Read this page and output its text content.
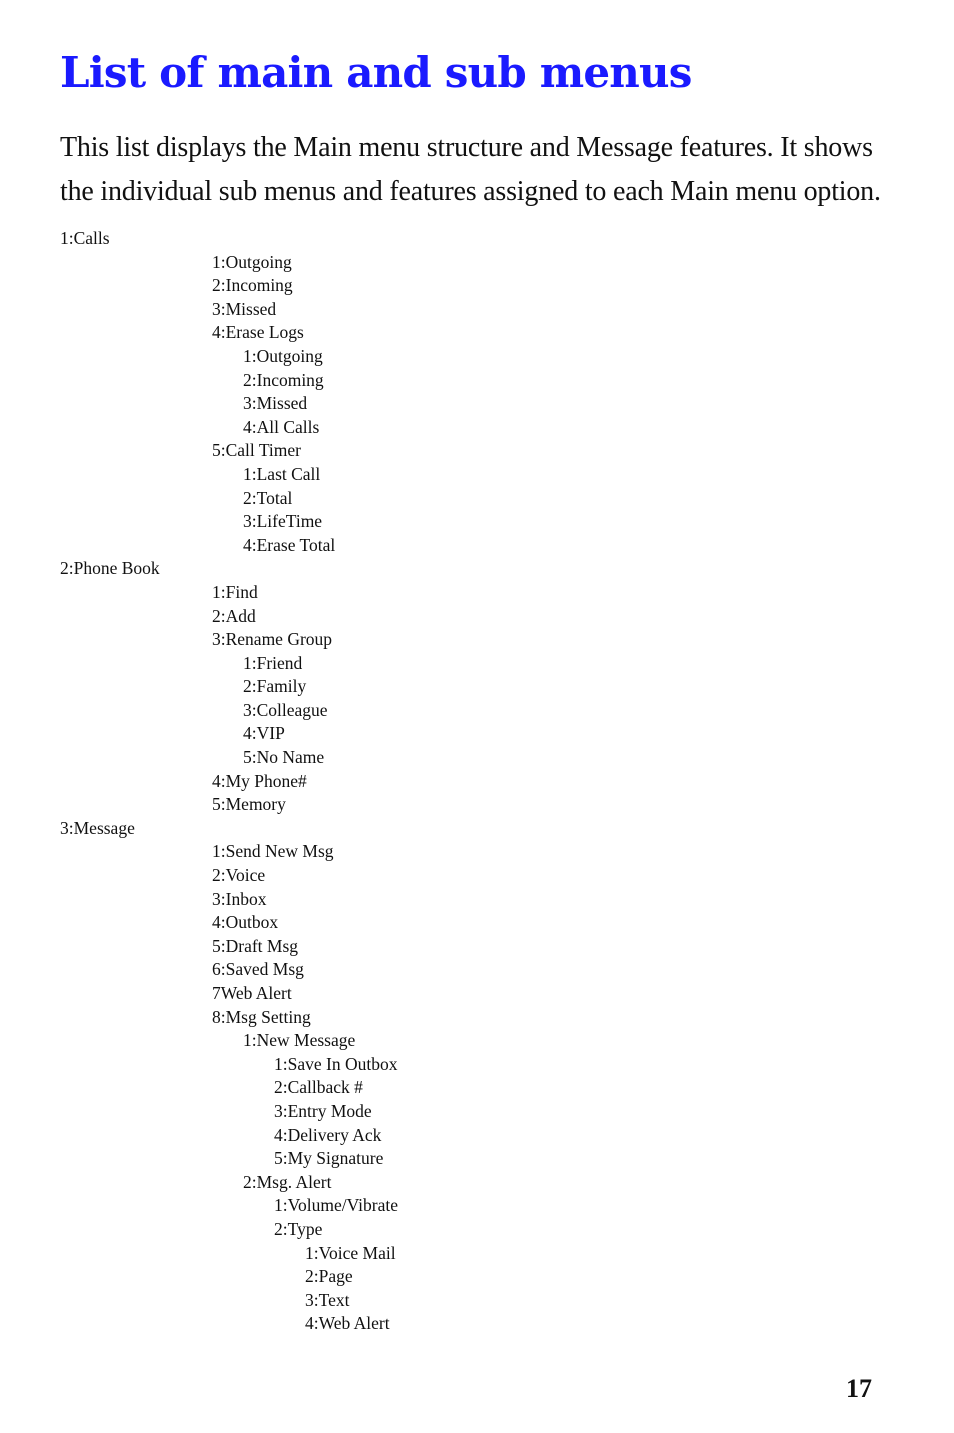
List of main and sub menus

This list displays the Main menu structure and Message features. It shows the individual sub menus and features assigned to each Main menu option.

1:Calls
1:Outgoing
2:Incoming
3:Missed
4:Erase Logs
1:Outgoing
2:Incoming
3:Missed
4:All Calls
5:Call Timer
1:Last Call
2:Total
3:LifeTime
4:Erase Total
2:Phone Book
1:Find
2:Add
3:Rename Group
1:Friend
2:Family
3:Colleague
4:VIP
5:No Name
4:My Phone#
5:Memory
3:Message
1:Send New Msg
2:Voice
3:Inbox
4:Outbox
5:Draft Msg
6:Saved Msg
7Web Alert
8:Msg Setting
1:New Message
1:Save In Outbox
2:Callback #
3:Entry Mode
4:Delivery Ack
5:My Signature
2:Msg. Alert
1:Volume/Vibrate
2:Type
1:Voice Mail
2:Page
3:Text
4:Web Alert
17
